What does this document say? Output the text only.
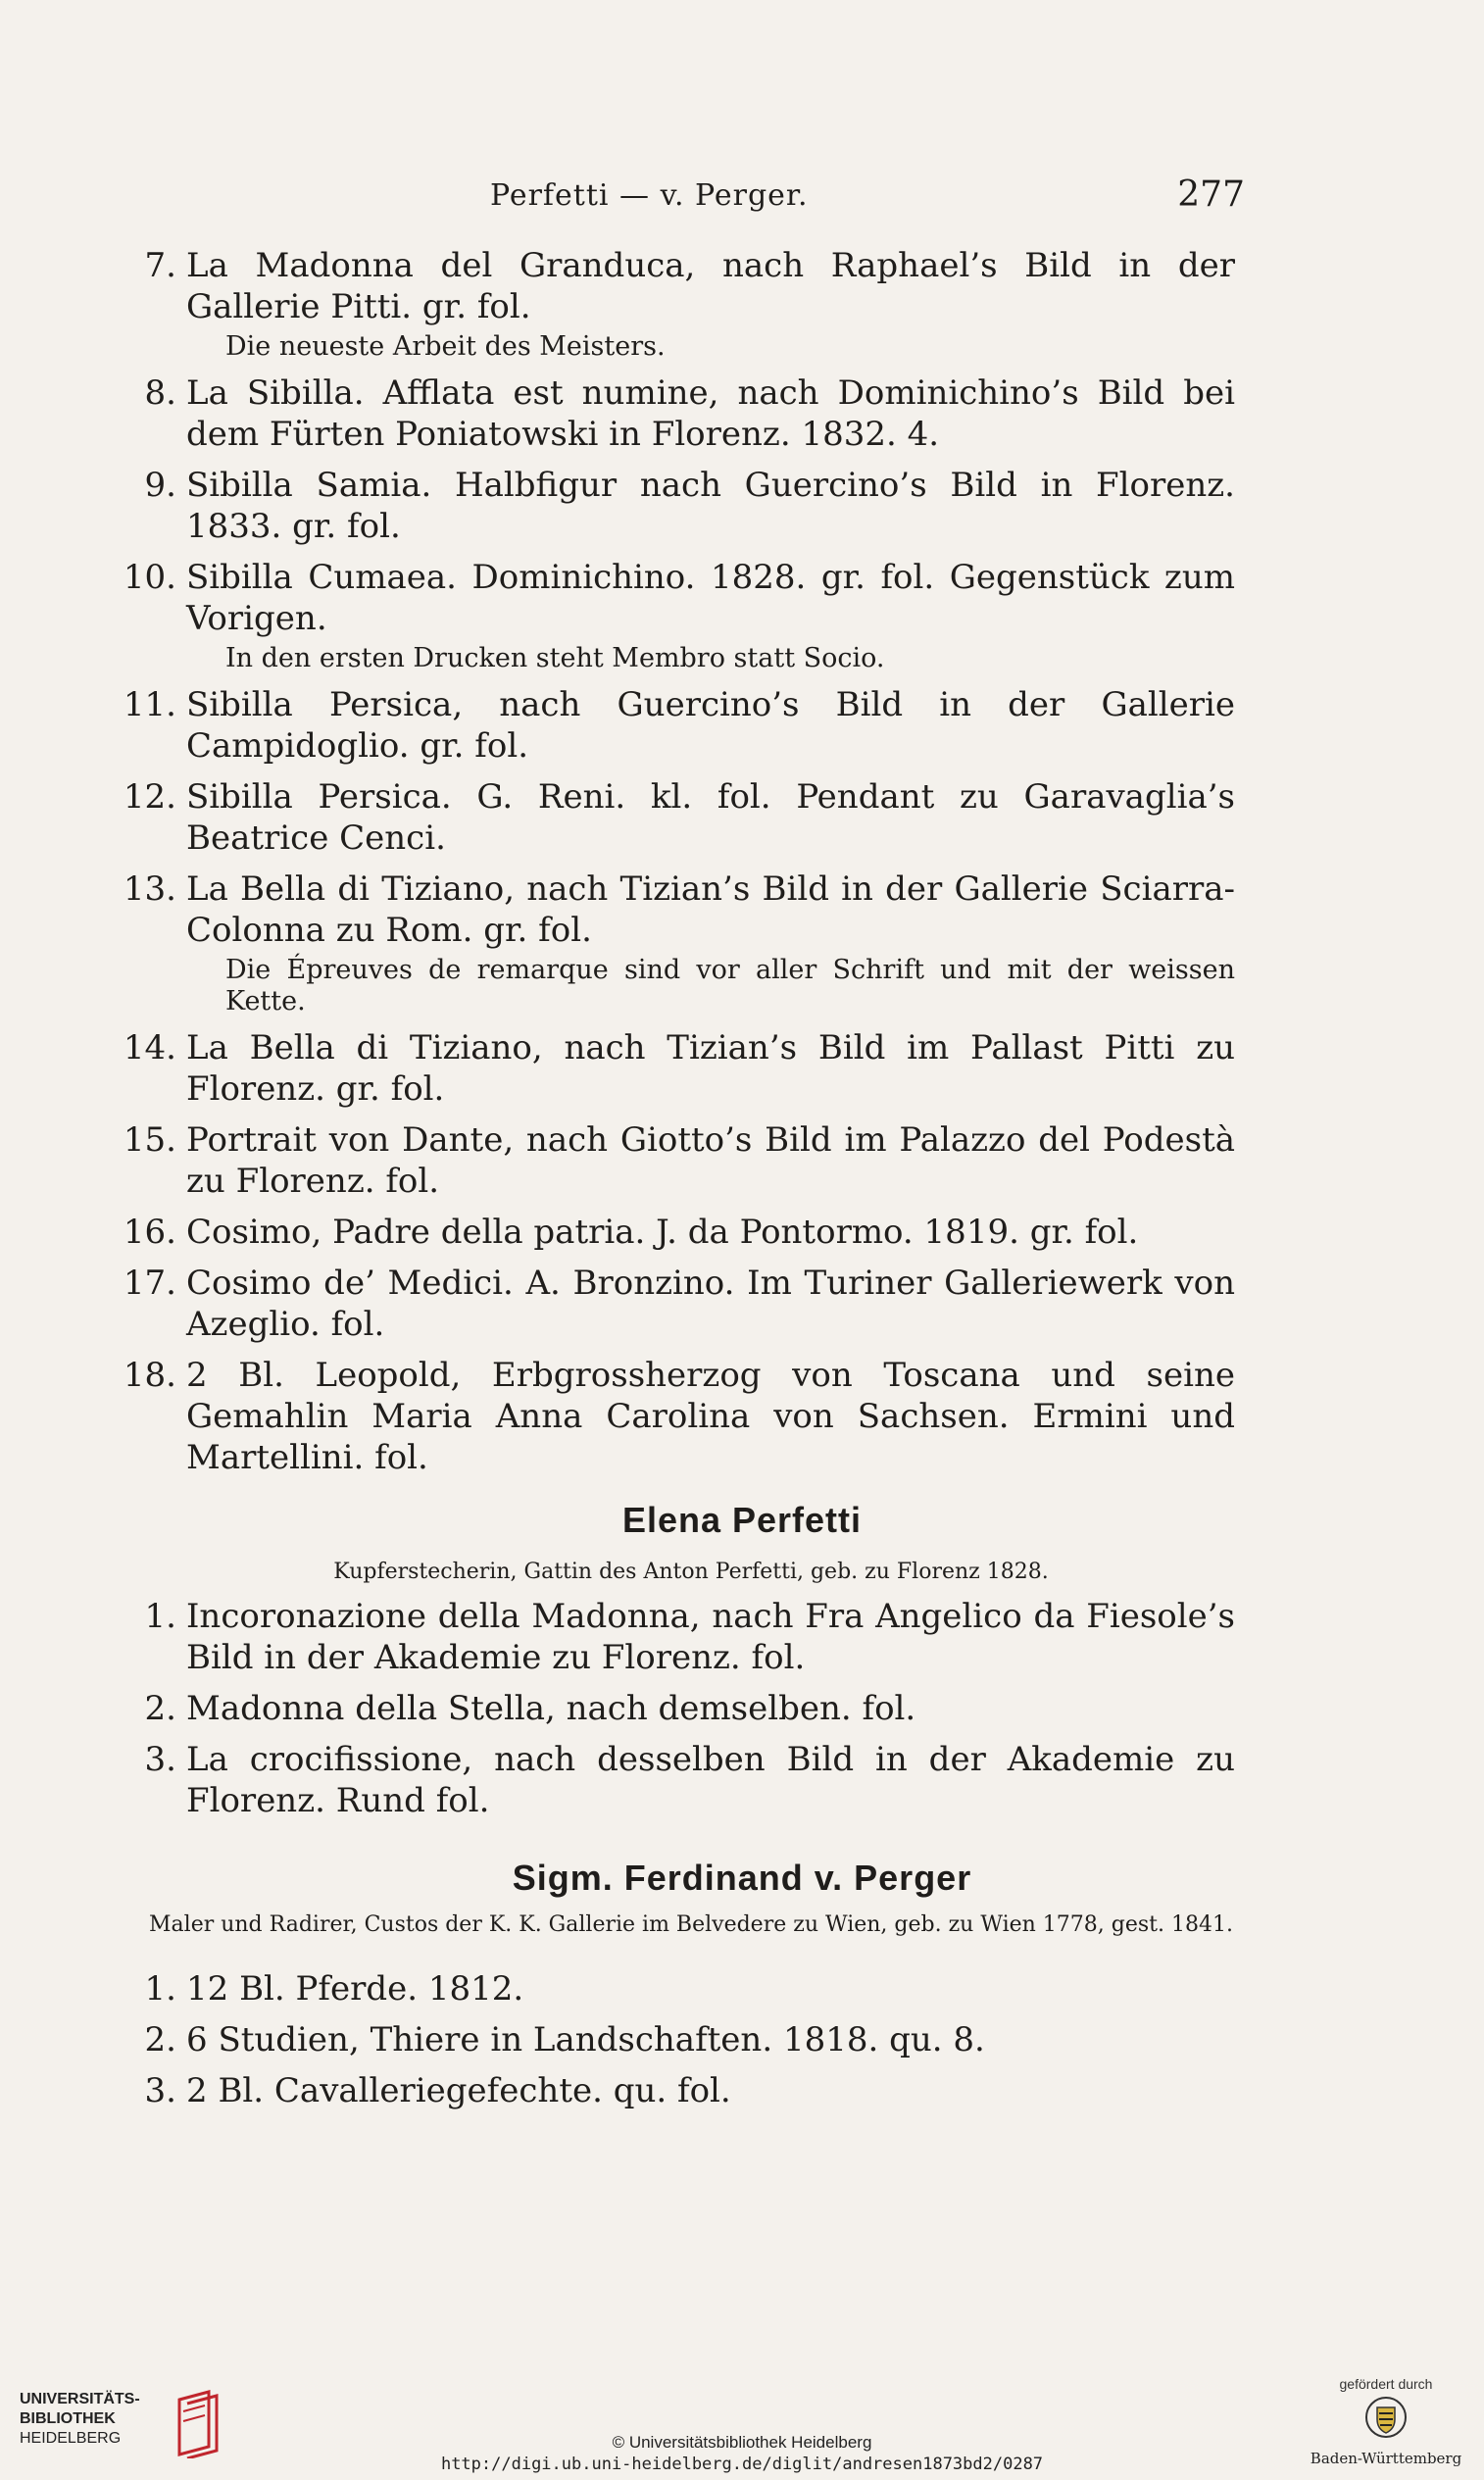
Perfetti — v. Perger.	277
7. La Madonna del Granduca, nach Raphael’s Bild in der Gallerie Pitti. gr. fol.
Die neueste Arbeit des Meisters.
8. La Sibilla. Afflata est numine, nach Dominichino’s Bild bei dem Fürten Poniatowski in Florenz. 1832. 4.
9. Sibilla Samia. Halbfigur nach Guercino’s Bild in Florenz. 1833. gr. fol.
10. Sibilla Cumaea. Dominichino. 1828. gr. fol. Gegenstück zum Vorigen.
In den ersten Drucken steht Membro statt Socio.
11. Sibilla Persica, nach Guercino’s Bild in der Gallerie Campidoglio. gr. fol.
12. Sibilla Persica. G. Reni. kl. fol. Pendant zu Garavaglia’s Beatrice Cenci.
13. La Bella di Tiziano, nach Tizian’s Bild in der Gallerie Sciarra-Colonna zu Rom. gr. fol.
Die Épreuves de remarque sind vor aller Schrift und mit der weissen Kette.
14. La Bella di Tiziano, nach Tizian’s Bild im Pallast Pitti zu Florenz. gr. fol.
15. Portrait von Dante, nach Giotto’s Bild im Palazzo del Podestà zu Florenz. fol.
16. Cosimo, Padre della patria. J. da Pontormo. 1819. gr. fol.
17. Cosimo de’ Medici. A. Bronzino. Im Turiner Galleriewerk von Azeglio. fol.
18. 2 Bl. Leopold, Erbgrossherzog von Toscana und seine Gemahlin Maria Anna Carolina von Sachsen. Ermini und Martellini. fol.
Elena Perfetti
Kupferstecherin, Gattin des Anton Perfetti, geb. zu Florenz 1828.
1. Incoronazione della Madonna, nach Fra Angelico da Fiesole’s Bild in der Akademie zu Florenz. fol.
2. Madonna della Stella, nach demselben. fol.
3. La crocifissione, nach desselben Bild in der Akademie zu Florenz. Rund fol.
Sigm. Ferdinand v. Perger
Maler und Radirer, Custos der K. K. Gallerie im Belvedere zu Wien, geb. zu Wien 1778, gest. 1841.
1. 12 Bl. Pferde. 1812.
2. 6 Studien, Thiere in Landschaften. 1818. qu. 8.
3. 2 Bl. Cavalleriegefechte. qu. fol.
UNIVERSITÄTS-
BIBLIOTHEK
HEIDELBERG	© Universitätsbibliothek Heidelberg
http://digi.ub.uni-heidelberg.de/diglit/andresen1873bd2/0287
gefördert durch
Baden-Württemberg
